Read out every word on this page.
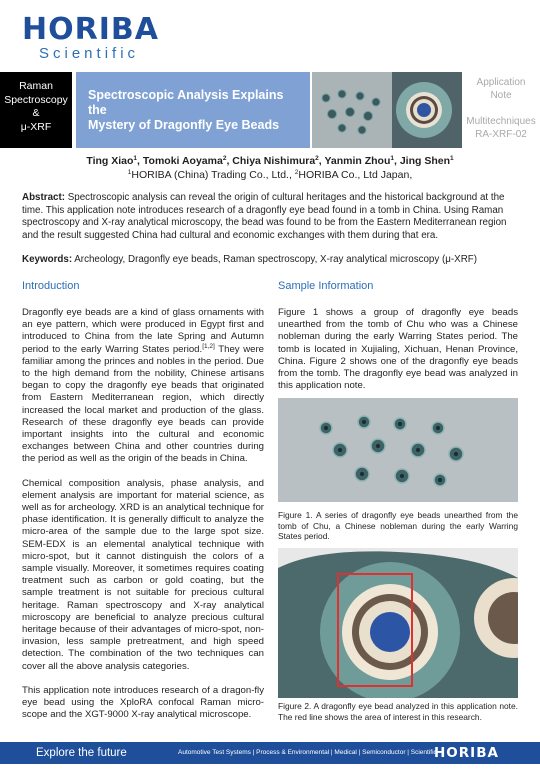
HORIBA
Scientific
Raman
Spectroscopy
&
μ-XRF
Spectroscopic Analysis Explains the
Mystery of Dragonfly Eye Beads
Application
Note
Multitechniques
RA-XRF-02
Ting Xiao$^1$, Tomoki Aoyama$^2$, Chiya Nishimura$^2$, Yanmin Zhou$^1$, Jing Shen$^1$
$^1$HORIBA (China) Trading Co., Ltd., $^2$HORIBA Co., Ltd Japan,
Abstract: Spectroscopic analysis can reveal the origin of cultural heritages and the historical background at the time. This application note introduces research of a dragonfly eye bead found in a tomb in China. Using Raman spectroscopy and X-ray analytical microscopy, the bead was found to be from the Eastern Mediterranean region and the result suggested China had cultural and economic exchanges with them during that era.
Keywords: Archeology, Dragonfly eye beads, Raman spectroscopy, X-ray analytical microscopy (μ-XRF)
Introduction

Dragonfly eye beads are a kind of glass ornaments with an eye pattern, which were produced in Egypt first and introduced to China from the late Spring and Autumn period to the early Warring States period.[1,2] They were familiar among the princes and nobles in the period. Due to the high demand from the nobility, Chinese artisans began to copy the dragonfly eye beads that originated from Eastern Mediterranean region, which directly increased the local market and production of the glass. Research of these dragonfly eye beads can provide important insights into the cultural and economic exchanges between China and other countries during the period as well as the origin of the beads in China.

Chemical composition analysis, phase analysis, and element analysis are important for material science, as well as for archeology. XRD is an analytical technique for phase identification. It is generally difficult to analyze the micro-area of the sample due to the large spot size. SEM-EDX is an elemental analytical technique with micro-spot, but it cannot distinguish the colors of a sample visually. Moreover, it sometimes requires coating treatment such as carbon or gold coating, but the sample treatment is not suitable for precious cultural heritage. Raman spectroscopy and X-ray analytical microscopy are beneficial to analyze precious cultural heritage because of their advantages of micro-spot, non-invasion, less sample pretreatment, and high speed detection. The combination of the two techniques can cover all the above analysis categories.

This application note introduces research of a dragon-fly eye bead using the XploRA confocal Raman micro-scope and the XGT-9000 X-ray analytical microscope.

Sample Information

Figure 1 shows a group of dragonfly eye beads unearthed from the tomb of Chu who was a Chinese nobleman during the early Warring States period. The tomb is located in Xujialing, Xichuan, Henan Province, China. Figure 2 shows one of the dragonfly eye beads from the tomb. The dragonfly eye bead was analyzed in this application note.

Figure 1. A series of dragonfly eye beads unearthed from the tomb of Chu, a Chinese nobleman during the early Warring States period.
Figure 2. A dragonfly eye bead analyzed in this application note. The red line shows the area of interest in this research.
Explore the future	Automotive Test Systems | Process & Environmental | Medical | Semiconductor | Scientific
HORIBA
